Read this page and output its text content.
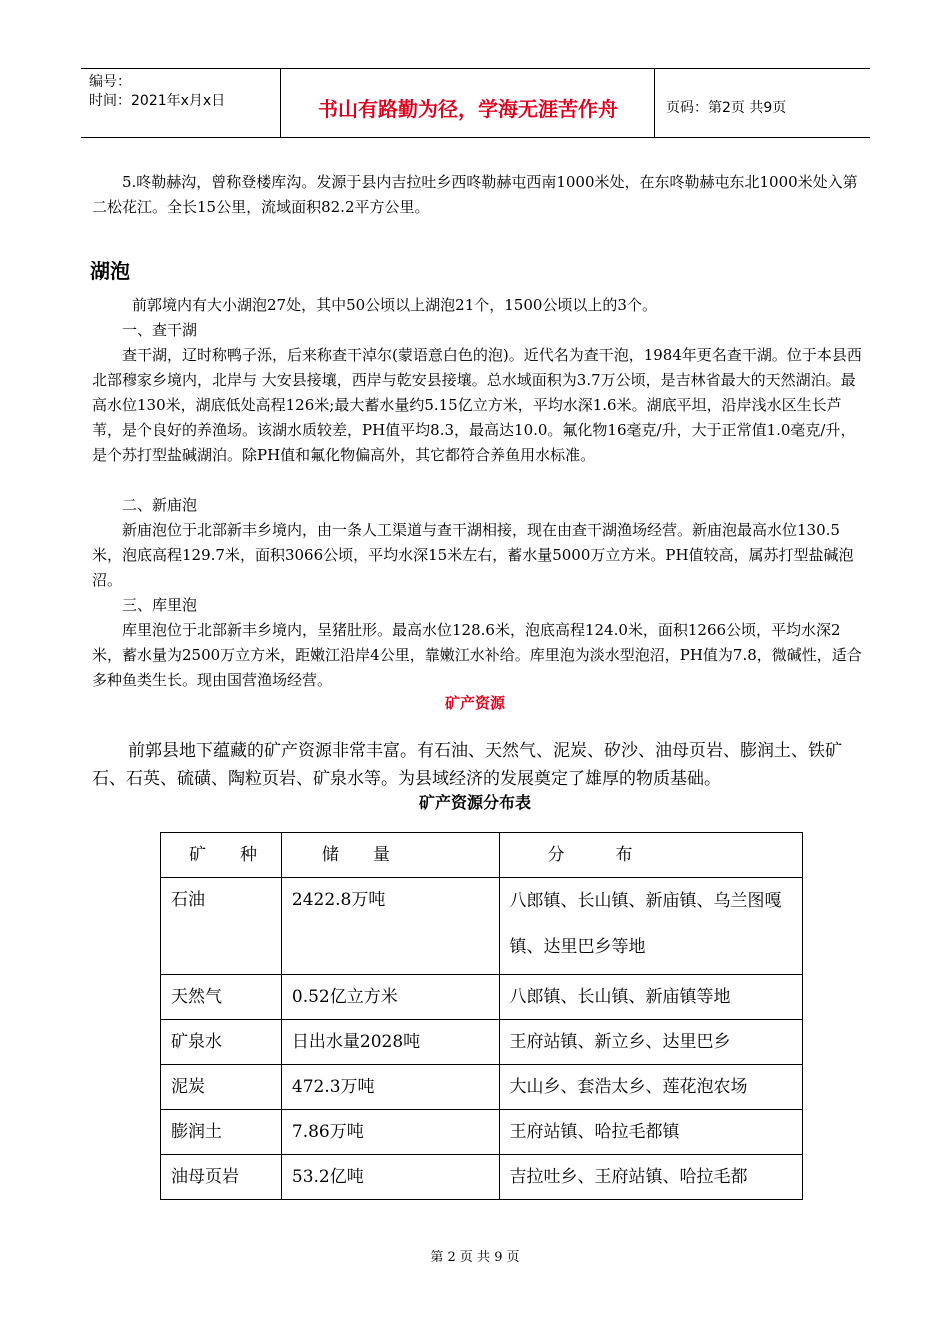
编号：
时间：2021年x月x日	书山有路勤为径，学海无涯苦作舟	页码：第2页 共9页

5.咚勒赫沟，曾称登楼库沟。发源于县内吉拉吐乡西咚勒赫屯西南1000米处，在东咚勒赫屯东北1000米处入第二松花江。全长15公里，流域面积82.2平方公里。

湖泡

前郭境内有大小湖泡27处，其中50公顷以上湖泡21个，1500公顷以上的3个。

一、查干湖

查干湖，辽时称鸭子泺，后来称查干淖尔(蒙语意白色的泡)。近代名为查干泡，1984年更名查干湖。位于本县西北部穆家乡境内，北岸与 大安县接壤，西岸与乾安县接壤。总水域面积为3.7万公顷，是吉林省最大的天然湖泊。最高水位130米，湖底低处高程126米;最大蓄水量约5.15亿立方米，平均水深1.6米。湖底平坦，沿岸浅水区生长芦苇，是个良好的养渔场。该湖水质较差，PH值平均8.3，最高达10.0。氟化物16毫克/升，大于正常值1.0毫克/升，是个苏打型盐碱湖泊。除PH值和氟化物偏高外，其它都符合养鱼用水标准。

二、新庙泡

新庙泡位于北部新丰乡境内，由一条人工渠道与查干湖相接，现在由查干湖渔场经营。新庙泡最高水位130.5米，泡底高程129.7米，面积3066公顷，平均水深15米左右，蓄水量5000万立方米。PH值较高，属苏打型盐碱泡沼。

三、库里泡

库里泡位于北部新丰乡境内，呈猪肚形。最高水位128.6米，泡底高程124.0米，面积1266公顷，平均水深2米，蓄水量为2500万立方米，距嫩江沿岸4公里，靠嫩江水补给。库里泡为淡水型泡沼，PH值为7.8，微碱性，适合多种鱼类生长。现由国营渔场经营。

矿产资源

前郭县地下蕴藏的矿产资源非常丰富。有石油、天然气、泥炭、矽沙、油母页岩、膨润土、铁矿石、石英、硫磺、陶粒页岩、矿泉水等。为县域经济的发展奠定了雄厚的物质基础。

矿产资源分布表
矿　　种	储　　量	分　　　布
石油	2422.8万吨	八郎镇、长山镇、新庙镇、乌兰图嘎镇、达里巴乡等地
天然气	0.52亿立方米	八郎镇、长山镇、新庙镇等地
矿泉水	日出水量2028吨	王府站镇、新立乡、达里巴乡
泥炭	472.3万吨	大山乡、套浩太乡、莲花泡农场
膨润土	7.86万吨	王府站镇、哈拉毛都镇
油母页岩	53.2亿吨	吉拉吐乡、王府站镇、哈拉毛都
第 2 页 共 9 页
